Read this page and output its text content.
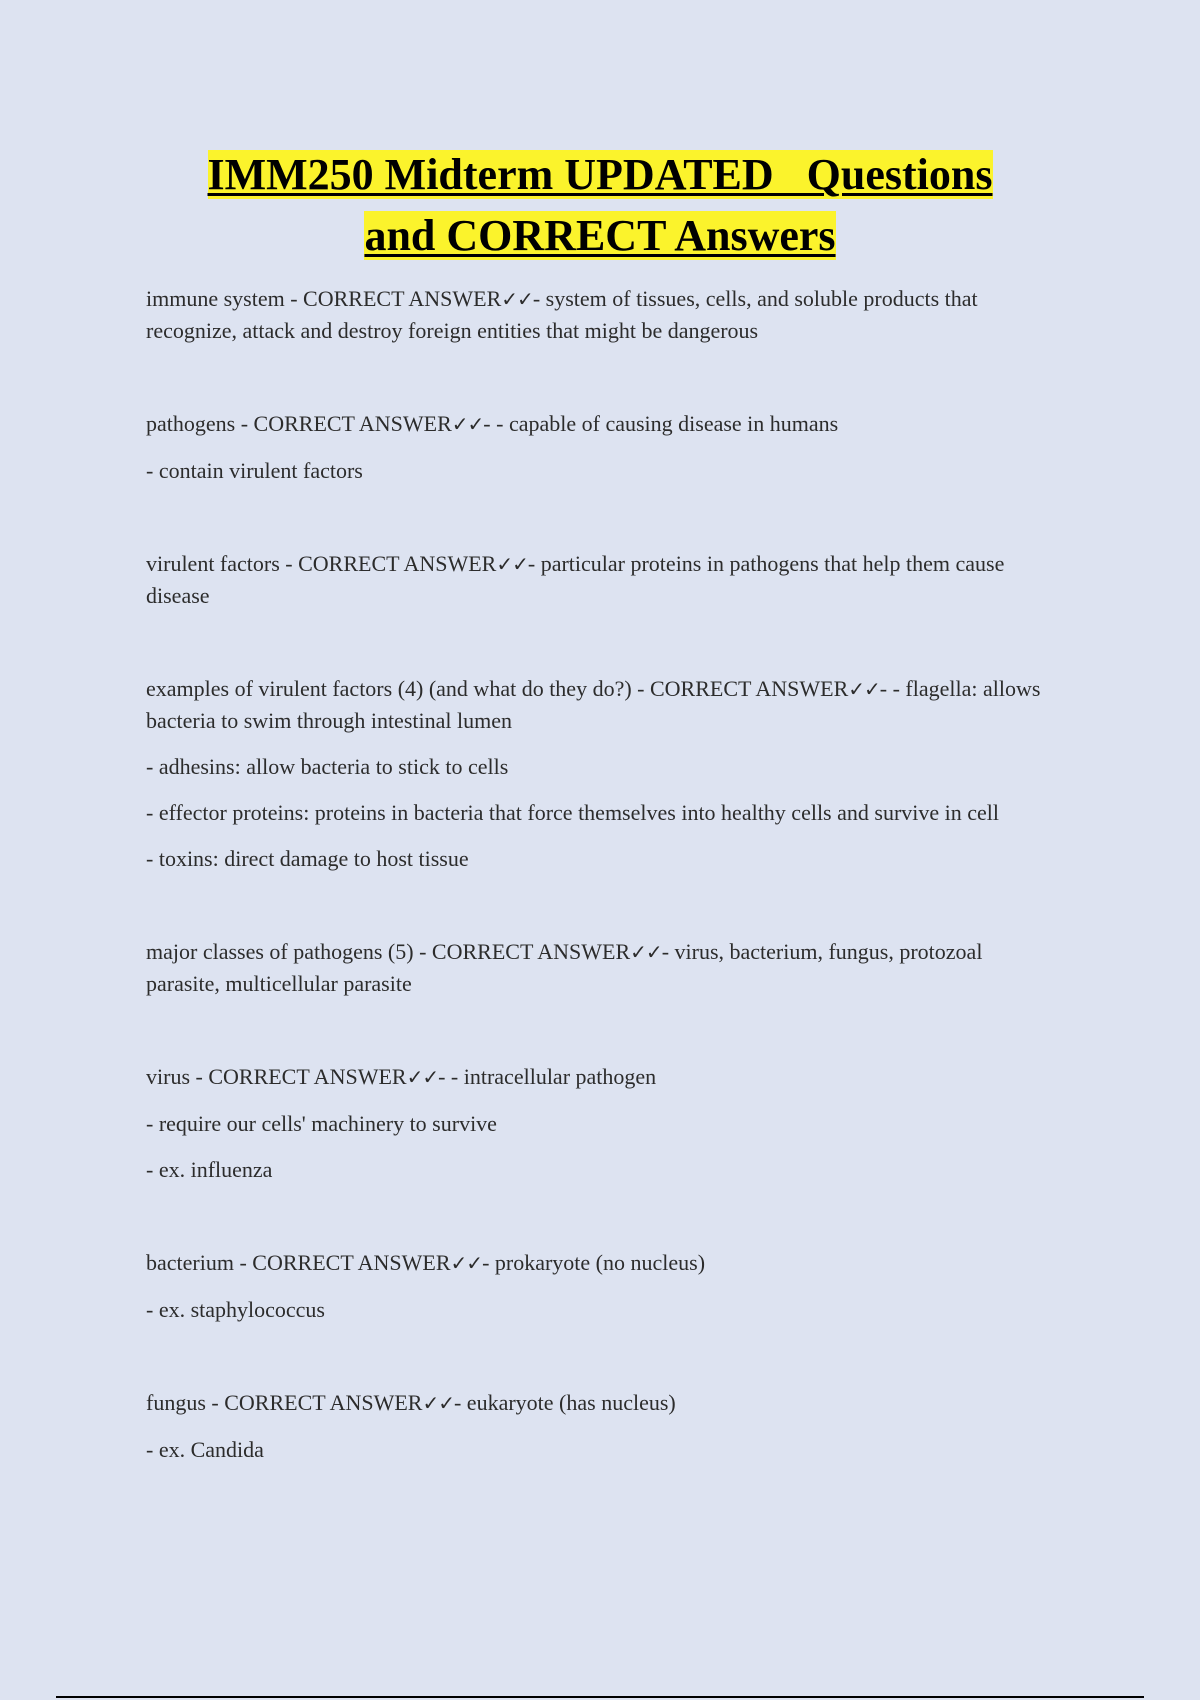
IMM250 Midterm UPDATED   Questions
and CORRECT Answers

immune system - CORRECT ANSWER✓✓- system of tissues, cells, and soluble products that recognize, attack and destroy foreign entities that might be dangerous

pathogens - CORRECT ANSWER✓✓- - capable of causing disease in humans

- contain virulent factors

virulent factors - CORRECT ANSWER✓✓- particular proteins in pathogens that help them cause disease

examples of virulent factors (4) (and what do they do?) - CORRECT ANSWER✓✓- - flagella: allows bacteria to swim through intestinal lumen

- adhesins: allow bacteria to stick to cells

- effector proteins: proteins in bacteria that force themselves into healthy cells and survive in cell

- toxins: direct damage to host tissue

major classes of pathogens (5) - CORRECT ANSWER✓✓- virus, bacterium, fungus, protozoal parasite, multicellular parasite

virus - CORRECT ANSWER✓✓- - intracellular pathogen

- require our cells' machinery to survive

- ex. influenza

bacterium - CORRECT ANSWER✓✓- prokaryote (no nucleus)

- ex. staphylococcus

fungus - CORRECT ANSWER✓✓- eukaryote (has nucleus)

- ex. Candida
